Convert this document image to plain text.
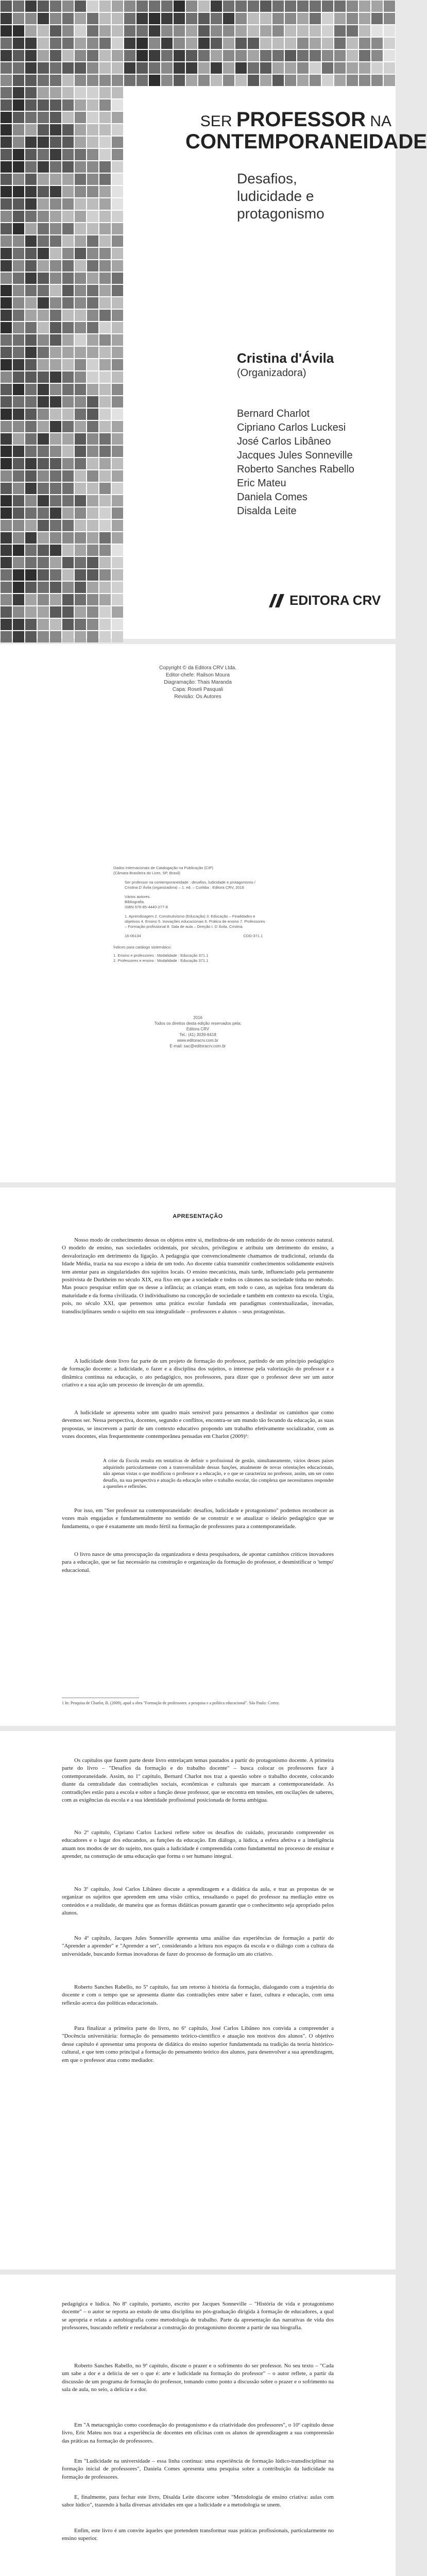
SER PROFESSOR NA
CONTEMPORANEIDADE
Desafios,
ludicidade e
protagonismo
Cristina d'Ávila
(Organizadora)
Bernard Charlot
Cipriano Carlos Luckesi
José Carlos Libâneo
Jacques Jules Sonneville
Roberto Sanches Rabello
Eric Mateu
Daniela Comes
Disalda Leite
EDITORA CRV
Copyright © da Editora CRV Ltda.
Editor-chefe: Railson Moura
Diagramação: Thais Maranda
Capa: Roseli Pasquali
Revisão: Os Autores
Dados Internacionais de Catalogação na Publicação (CIP)
(Câmara Brasileira do Livro, SP, Brasil)
Ser professor na contemporaneidade : desafios, ludicidade e protagonismo /
Cristina D´Ávila (organizadora) – 1. ed. – Curitiba : Editora CRV, 2016
Vários autores.
Bibliografia.
ISBN 978-85-4440-277-8
1. Aprendizagem 2. Construtivismo (Educação) 3. Educação – Finalidades e
objetivos 4. Ensino 5. Inovações educacionais 6. Prática de ensino 7. Professores
– Formação profissional 8. Sala de aula – Direção I. D´Ávila, Cristina.
16-06134	CDD-371.1
Índices para catálogo sistemático:
1. Ensino e professores : Modalidade : Educação 371.1
2. Professores e ensino : Modalidade : Educação 371.1
2016
Todos os direitos desta edição reservados pela:
Editora CRV
Tel.: (41) 3039-6418
www.editoracrv.com.br
E-mail: sac@editoracrv.com.br
APRESENTAÇÃO
Nosso modo de conhecimento dessas os objetos entre si, melindrou-de um reduzido de do nosso contexto natural. O modelo de ensino, nas sociedades ocidentais, por séculos, privilegiou e atribuiu um detrimento do ensino, a desvalorização em detrimento da ligação. A pedagogia que convencionalmente chamamos de tradicional, oriunda da Idade Média, trazia na sua escopo a ideia de um todo. Ao docente cabia transmitir conhecimentos solidamente estáveis tem atentar para as singularidades dos sujeitos locais. O ensino mecanicista, mais tarde, influenciado pela permanente positivista de Durkheim no século XIX, era fixo em que a sociedade e todos os cânones na sociedade tinha no método. Mas pouco pesquisar enfim que os desse a infância; as crianças eram, em todo o caso, as sujeitas fora tenderam da maturidade e da forma civilizada. O individualismo na concepção de sociedade e também em contexto na escola. Urgia, pois, no século XXI, que pensemos uma prática escolar fundada em paradigmas contextualizadas, inovadas, transdisciplinares sendo o sujeito em sua integralidade – professores e alunos – seus protagonistas.
A ludicidade deste livro faz parte de um projeto de formação do professor, partindo de um princípio pedagógico de formação docente: a ludicidade, o fazer e a disciplina dos sujeitos, o interesse pela valorização do professor e a dinâmica contínua na educação, o ato pedagógico, nos professores, para dizer que o professor deve ser um autor criativo e a sua ação um processo de invenção de um aprendiz.
A ludicidade se apresenta sobre um quadro mais sensível para pensarmos a deslindar os caminhos que como devemos ser. Nessa perspectiva, docentes, segundo e conflitos, encontra-se um mundo tão fecundo da educação, as suas propostas, se inscrevem a partir de um contexto educativo propondo um trabalho efetivamente socializador, com as vozes docentes, elas frequentemente contemporânea pensadas em Charlot (2009)¹:
A crise da Escola resulta em tentativas de definir o profissional de gestão, simultaneamente, vários desses países adquirindo particularmente com a transversalidade dessas funções, atualmente de novas orientações educacionais, não apenas vistas o que modificou o professor e a educação, e o que se caracteriza no professor, assim, um ser como desafio, na sua perspectiva e atuação da educação sobre o trabalho escolar, tão complexa que necessitamos responder a questões e reflexões.
Por isso, em "Ser professor na contemporaneidade: desafios, ludicidade e protagonismo" podemos reconhecer as vozes mais engajadas e fundamentalmente no sentido de se construir e se atualizar o ideário pedagógico que se fundamenta, o que é exatamente um modo fértil na formação de professores para a contemporaneidade.
O livro nasce de uma preocupação da organizadora e desta pesquisadora, de apontar caminhos críticos inovadores para a educação, que se faz necessário na construção e organização da formação do professor, e desmistificar o 'tempo' educacional.
1 In: Pesquisa de Charlot, B. (2009), apud a obra "Formação de professores: a pesquisa e a política educacional". São Paulo: Cortez.
Os capítulos que fazem parte deste livro entrelaçam temas pautados a partir do protagonismo docente. A primeira parte do livro – "Desafios da formação e do trabalho docente" – busca colocar os professores face à contemporaneidade. Assim, no 1º capítulo, Bernard Charlot nos traz a questão sobre o trabalho docente, colocando diante da centralidade das contradições sociais, econômicas e culturais que marcam a contemporaneidade. As contradições estão para a escola e sobre a função desse professor, que se encontra em tensões, em oscilações de saberes, com as exigências da escola e a sua identidade profissional posicionada de forma ambígua.
No 2º capítulo, Cipriano Carlos Luckesi reflete sobre os desafios do cuidado, procurando compreender os educadores e o lugar dos educandos, as funções da educação. Em diálogo, a lúdica, a esfera afetiva e a inteligência atuam nos modos de ser do sujeito, nos quais a ludicidade é compreendida como fundamental no processo de ensinar e aprender, na construção de uma educação que forma o ser humano integral.
No 3º capítulo, José Carlos Libâneo discute a aprendizagem e a didática da aula, e traz as propostas de se organizar os sujeitos que aprendem em uma visão crítica, ressaltando o papel do professor na mediação entre os conteúdos e a realidade, de maneira que as formas didáticas possam garantir que o conhecimento seja apropriado pelos alunos.
No 4º capítulo, Jacques Jules Sonneville apresenta uma análise das experiências de formação a partir do "Aprender a aprender" e "Aprender a ser", considerando a leitura nos espaços da escola e o diálogo com a cultura da universidade, buscando formas inovadoras de fazer do processo de formação um ato criativo.
Roberto Sanches Rabello, no 5º capítulo, faz um retorno à história da formação, dialogando com a trajetória do docente e com o tempo que se apresenta diante das contradições entre saber e fazer, cultura e educação, com uma reflexão acerca das políticas educacionais.
Para finalizar a primeira parte do livro, no 6º capítulo, José Carlos Libâneo nos convida a compreender a "Docência universitária: formação do pensamento teórico-científico e atuação nos motivos dos alunos". O objetivo desse capítulo é apresentar uma proposta de didática do ensino superior fundamentada na tradição da teoria histórico-cultural, e que tem como principal a formação do pensamento teórico dos alunos, para desenvolver a sua aprendizagem, em que o professor atua como mediador.
pedagógica e lúdica. No 8º capítulo, portanto, escrito por Jacques Sonneville – "História de vida e protagonismo docente" – o autor se reporta ao estudo de uma disciplina no pós-graduação dirigida à formação de educadores, a qual se apropria e relata a autobiografia como metodologia de trabalho. Parte da apresentação das narrativas de vida dos professores, buscando refletir e reelaborar a construção do protagonismo docente a partir de sua biografia.
Roberto Sanches Rabello, no 9º capítulo, discute o prazer e o sofrimento do ser professor. No seu texto – "Cada um sabe a dor e a delícia de ser o que é: arte e ludicidade na formação do professor" – o autor reflete, a partir da discussão de um programa de formação do professor, tomando como ponto a discussão sobre o prazer e o sofrimento na sala de aula, no seio, a delícia e a dor.
Em "A metacognição como coordenação do protagonismo e da criatividade dos professores", o 10º capítulo desse livro, Eric Mateu nos traz a experiência de docentes em oficinas com os alunos de aprendizagem a sua compreensão das práticas na formação de professores.
Em "Ludicidade na universidade – essa linha continua: uma experiência de formação lúdico-transdisciplinar na formação inicial de professores", Daniela Comes apresenta uma pesquisa sobre a contribuição da ludicidade na formação de professores.
E, finalmente, para fechar este livro, Disalda Leite discorre sobre "Metodologia de ensino criativa: aulas com sabor lúdico", trazendo à baila diversas atividades em que a ludicidade e a metodologia se unem.
Enfim, este livro é um convite àqueles que pretendem transformar suas práticas profissionais, particularmente no ensino superior.
